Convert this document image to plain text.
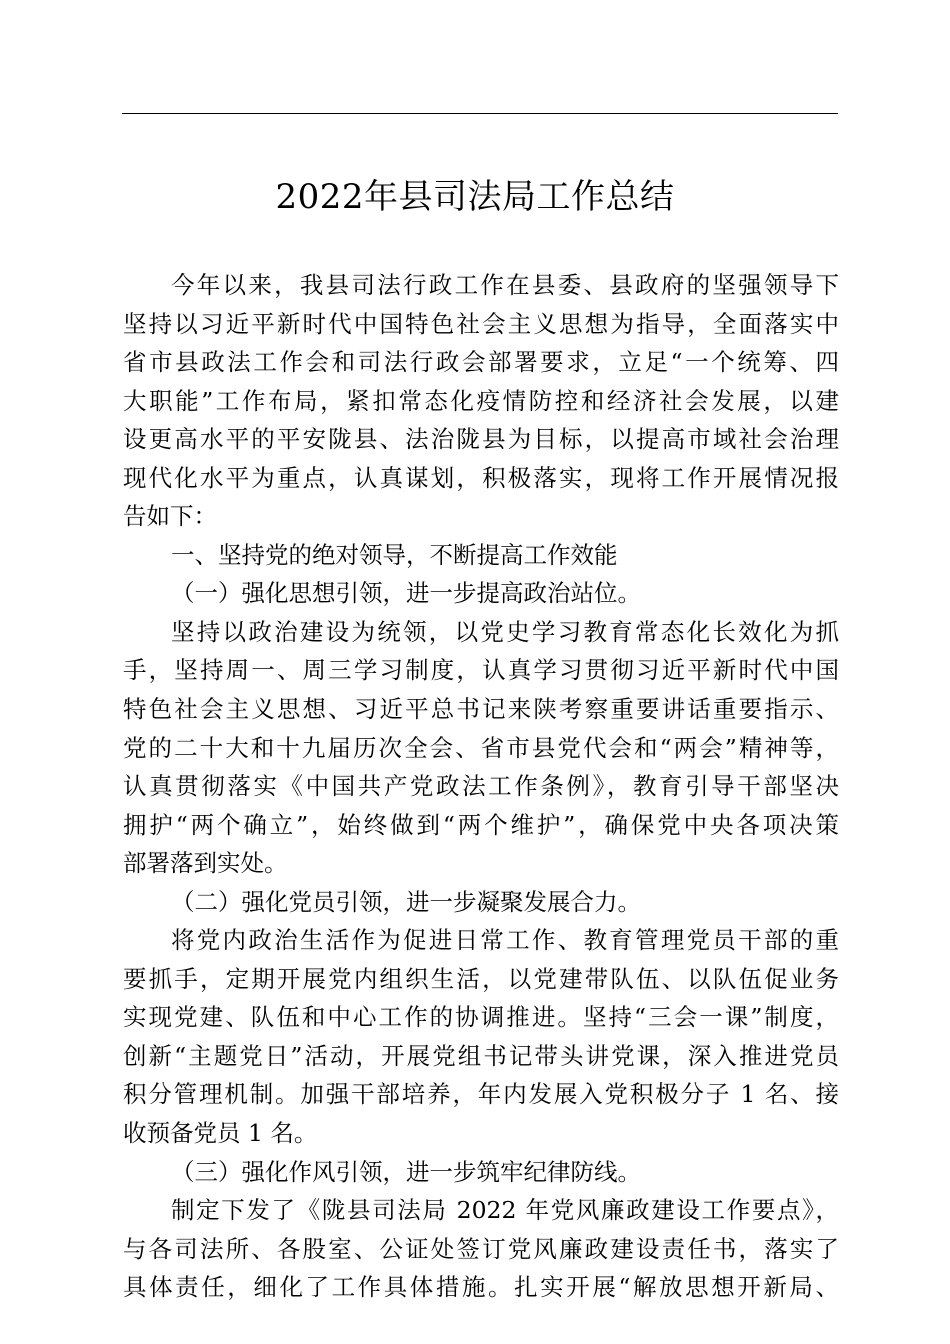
2022年县司法局工作总结
今年以来，我县司法行政工作在县委、县政府的坚强领导下
坚持以习近平新时代中国特色社会主义思想为指导，全面落实中
省市县政法工作会和司法行政会部署要求，立足“一个统筹、四
大职能”工作布局，紧扣常态化疫情防控和经济社会发展，以建
设更高水平的平安陇县、法治陇县为目标，以提高市域社会治理
现代化水平为重点，认真谋划，积极落实，现将工作开展情况报
告如下：
一、坚持党的绝对领导，不断提高工作效能
（一）强化思想引领，进一步提高政治站位。
坚持以政治建设为统领，以党史学习教育常态化长效化为抓
手，坚持周一、周三学习制度，认真学习贯彻习近平新时代中国
特色社会主义思想、习近平总书记来陕考察重要讲话重要指示、
党的二十大和十九届历次全会、省市县党代会和“两会”精神等，
认真贯彻落实《中国共产党政法工作条例》，教育引导干部坚决
拥护“两个确立”，始终做到“两个维护”，确保党中央各项决策
部署落到实处。
（二）强化党员引领，进一步凝聚发展合力。
将党内政治生活作为促进日常工作、教育管理党员干部的重
要抓手，定期开展党内组织生活，以党建带队伍、以队伍促业务
实现党建、队伍和中心工作的协调推进。坚持“三会一课”制度，
创新“主题党日”活动，开展党组书记带头讲党课，深入推进党员
积分管理机制。加强干部培养，年内发展入党积极分子 1 名、接
收预备党员 1 名。
（三）强化作风引领，进一步筑牢纪律防线。
制定下发了《陇县司法局 2022 年党风廉政建设工作要点》，
与各司法所、各股室、公证处签订党风廉政建设责任书，落实了
具体责任，细化了工作具体措施。扎实开展“解放思想开新局、
